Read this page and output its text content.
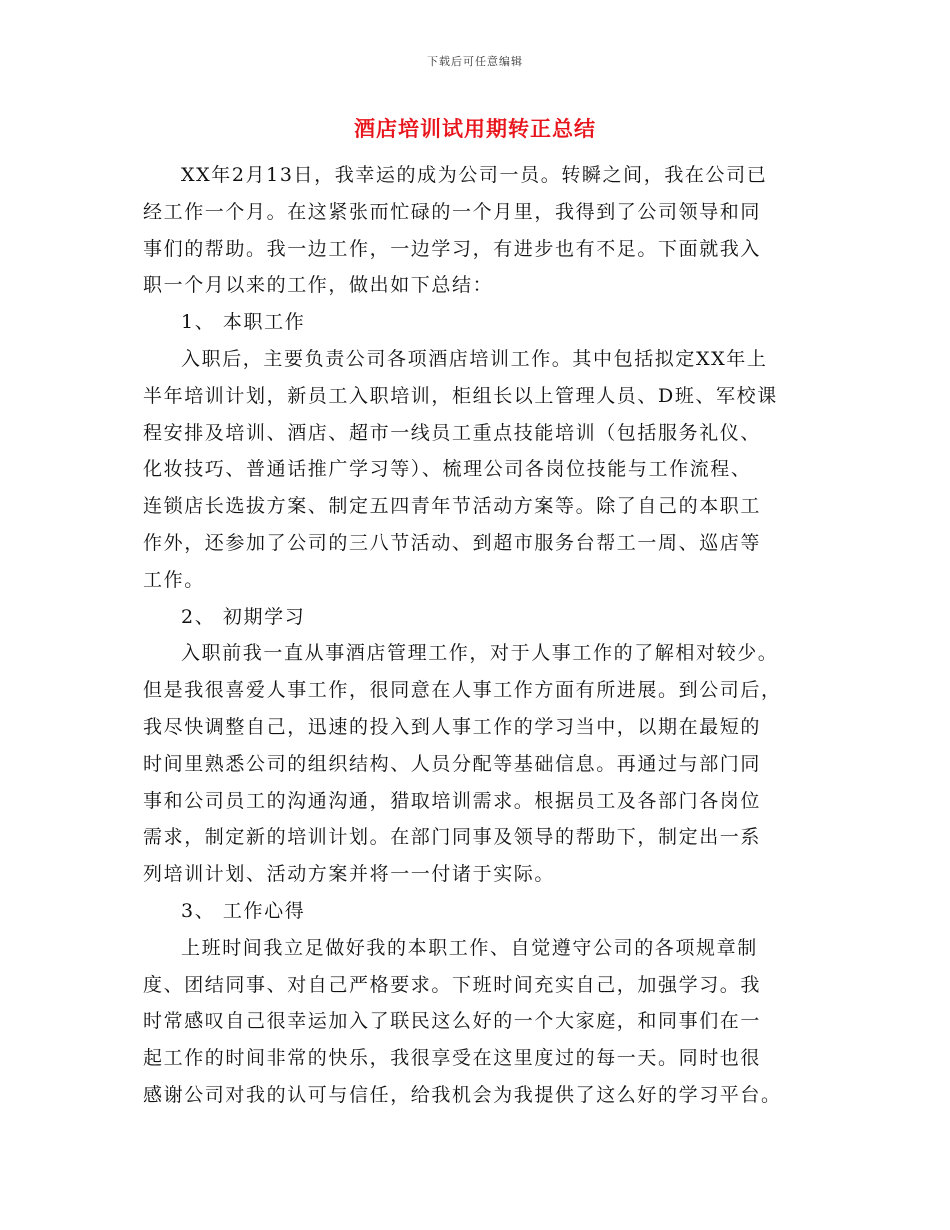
下载后可任意编辑
酒店培训试用期转正总结

XX年2月13日，我幸运的成为公司一员。转瞬之间，我在公司已
经工作一个月。在这紧张而忙碌的一个月里，我得到了公司领导和同
事们的帮助。我一边工作，一边学习，有进步也有不足。下面就我入
职一个月以来的工作，做出如下总结：

1、 本职工作

入职后，主要负责公司各项酒店培训工作。其中包括拟定XX年上
半年培训计划，新员工入职培训，柜组长以上管理人员、D班、军校课
程安排及培训、酒店、超市一线员工重点技能培训（包括服务礼仪、
化妆技巧、普通话推广学习等）、梳理公司各岗位技能与工作流程、
连锁店长选拔方案、制定五四青年节活动方案等。除了自己的本职工
作外，还参加了公司的三八节活动、到超市服务台帮工一周、巡店等
工作。

2、 初期学习

入职前我一直从事酒店管理工作，对于人事工作的了解相对较少。
但是我很喜爱人事工作，很同意在人事工作方面有所进展。到公司后，
我尽快调整自己，迅速的投入到人事工作的学习当中，以期在最短的
时间里熟悉公司的组织结构、人员分配等基础信息。再通过与部门同
事和公司员工的沟通沟通，猎取培训需求。根据员工及各部门各岗位
需求，制定新的培训计划。在部门同事及领导的帮助下，制定出一系
列培训计划、活动方案并将一一付诸于实际。

3、 工作心得

上班时间我立足做好我的本职工作、自觉遵守公司的各项规章制
度、团结同事、对自己严格要求。下班时间充实自己，加强学习。我
时常感叹自己很幸运加入了联民这么好的一个大家庭，和同事们在一
起工作的时间非常的快乐，我很享受在这里度过的每一天。同时也很
感谢公司对我的认可与信任，给我机会为我提供了这么好的学习平台。
